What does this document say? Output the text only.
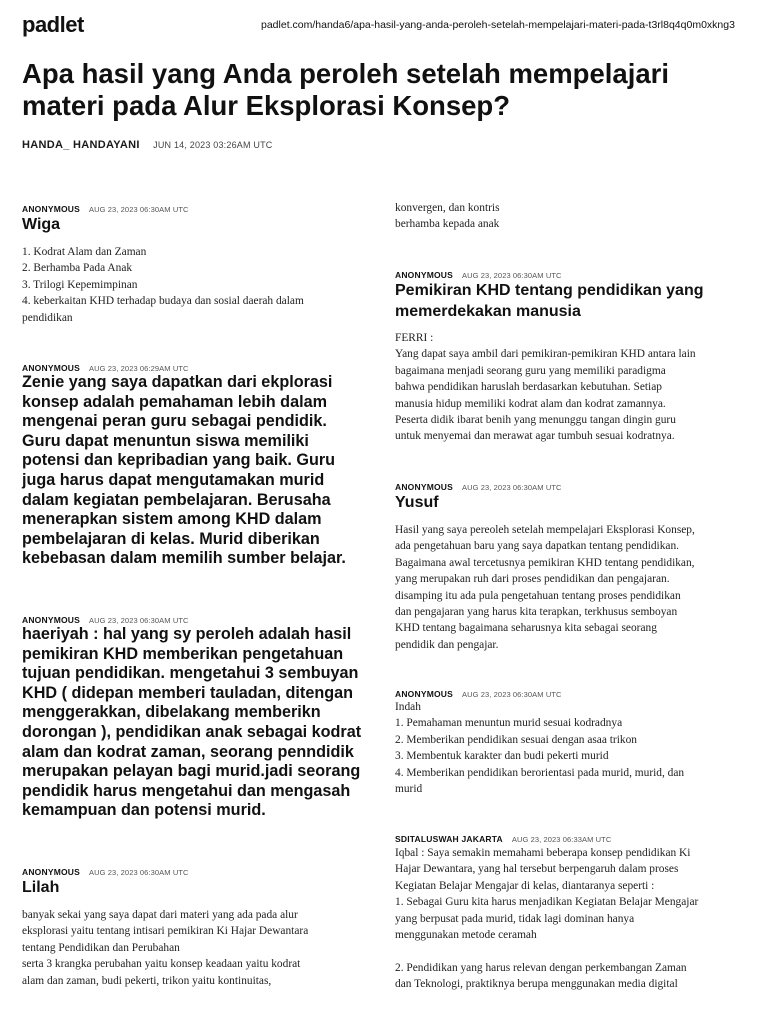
padlet	padlet.com/handa6/apa-hasil-yang-anda-peroleh-setelah-mempelajari-materi-pada-t3rl8q4q0m0xkng3
Apa hasil yang Anda peroleh setelah mempelajari
materi pada Alur Eksplorasi Konsep?
HANDA_ HANDAYANI JUN 14, 2023 03:26AM UTC
ANONYMOUS AUG 23, 2023 06:30AM UTC
Wiga
1. Kodrat Alam dan Zaman
2. Berhamba Pada Anak
3. Trilogi Kepemimpinan
4. keberkaitan KHD terhadap budaya dan sosial daerah dalam
pendidikan
ANONYMOUS AUG 23, 2023 06:29AM UTC
Zenie yang saya dapatkan dari ekplorasi
konsep adalah pemahaman lebih dalam
mengenai peran guru sebagai pendidik.
Guru dapat menuntun siswa memiliki
potensi dan kepribadian yang baik. Guru
juga harus dapat mengutamakan murid
dalam kegiatan pembelajaran. Berusaha
menerapkan sistem among KHD dalam
pembelajaran di kelas. Murid diberikan
kebebasan dalam memilih sumber belajar.
ANONYMOUS AUG 23, 2023 06:30AM UTC
haeriyah : hal yang sy peroleh adalah hasil
pemikiran KHD memberikan pengetahuan
tujuan pendidikan. mengetahui 3 sembuyan
KHD ( didepan memberi tauladan, ditengan
menggerakkan, dibelakang memberikn
dorongan ), pendidikan anak sebagai kodrat
alam dan kodrat zaman, seorang penndidik
merupakan pelayan bagi murid.jadi seorang
pendidik harus mengetahui dan mengasah
kemampuan dan potensi murid.
ANONYMOUS AUG 23, 2023 06:30AM UTC
Lilah
banyak sekai yang saya dapat dari materi yang ada pada alur
eksplorasi yaitu tentang intisari pemikiran Ki Hajar Dewantara
tentang Pendidikan dan Perubahan
serta 3 krangka perubahan yaitu konsep keadaan yaitu kodrat
alam dan zaman, budi pekerti, trikon yaitu kontinuitas,
konvergen, dan kontris
berhamba kepada anak
ANONYMOUS AUG 23, 2023 06:30AM UTC
Pemikiran KHD tentang pendidikan yang
memerdekakan manusia
FERRI :
Yang dapat saya ambil dari pemikiran-pemikiran KHD antara lain
bagaimana menjadi seorang guru yang memiliki paradigma
bahwa pendidikan haruslah berdasarkan kebutuhan. Setiap
manusia hidup memiliki kodrat alam dan kodrat zamannya.
Peserta didik ibarat benih yang menunggu tangan dingin guru
untuk menyemai dan merawat agar tumbuh sesuai kodratnya.
ANONYMOUS AUG 23, 2023 06:30AM UTC
Yusuf
Hasil yang saya pereoleh setelah mempelajari Eksplorasi Konsep,
ada pengetahuan baru yang saya dapatkan tentang pendidikan.
Bagaimana awal tercetusnya pemikiran KHD tentang pendidikan,
yang merupakan ruh dari proses pendidikan dan pengajaran.
disamping itu ada pula pengetahuan tentang proses pendidikan
dan pengajaran yang harus kita terapkan, terkhusus semboyan
KHD tentang bagaimana seharusnya kita sebagai seorang
pendidik dan pengajar.
ANONYMOUS AUG 23, 2023 06:30AM UTC
Indah
1. Pemahaman menuntun murid sesuai kodradnya
2. Memberikan pendidikan sesuai dengan asaa trikon
3. Membentuk karakter dan budi pekerti murid
4. Memberikan pendidikan berorientasi pada murid, murid, dan
murid
SDITALUSWAH JAKARTA AUG 23, 2023 06:33AM UTC
Iqbal : Saya semakin memahami beberapa konsep pendidikan Ki
Hajar Dewantara, yang hal tersebut berpengaruh dalam proses
Kegiatan Belajar Mengajar di kelas, diantaranya seperti :
1. Sebagai Guru kita harus menjadikan Kegiatan Belajar Mengajar
yang berpusat pada murid, tidak lagi dominan hanya
menggunakan metode ceramah
2. Pendidikan yang harus relevan dengan perkembangan Zaman
dan Teknologi, praktiknya berupa menggunakan media digital
